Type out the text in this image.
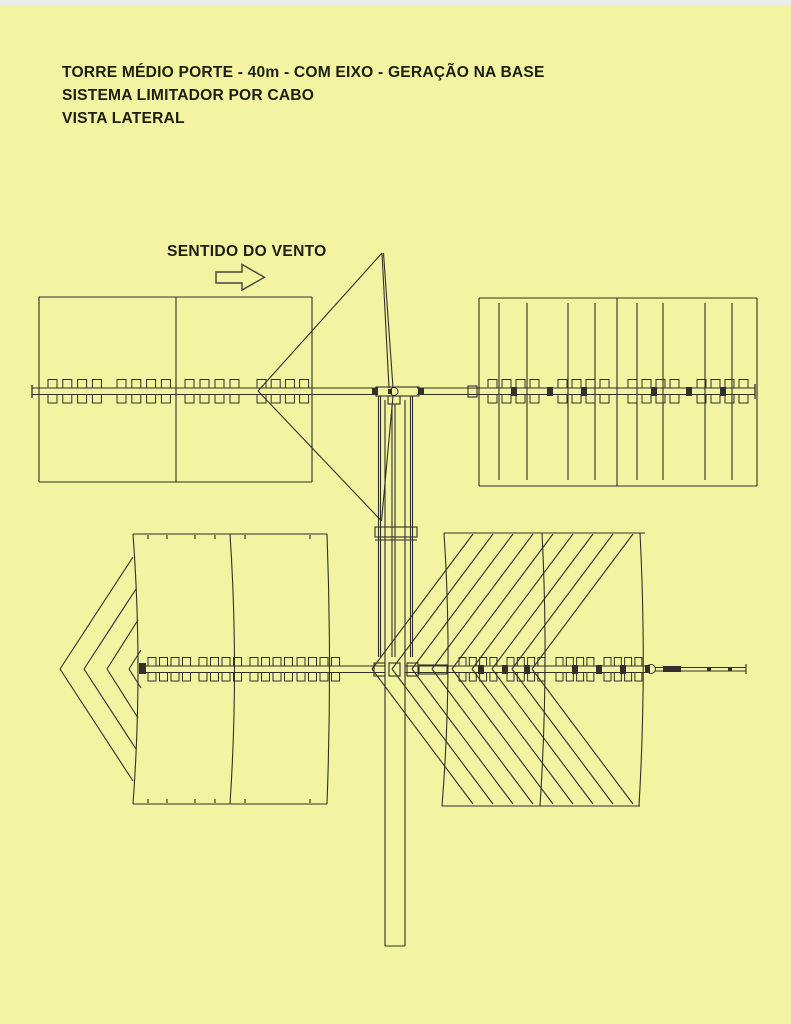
TORRE MÉDIO PORTE - 40m - COM EIXO - GERAÇÃO NA BASE
SISTEMA LIMITADOR POR CABO
VISTA LATERAL
SENTIDO DO VENTO
